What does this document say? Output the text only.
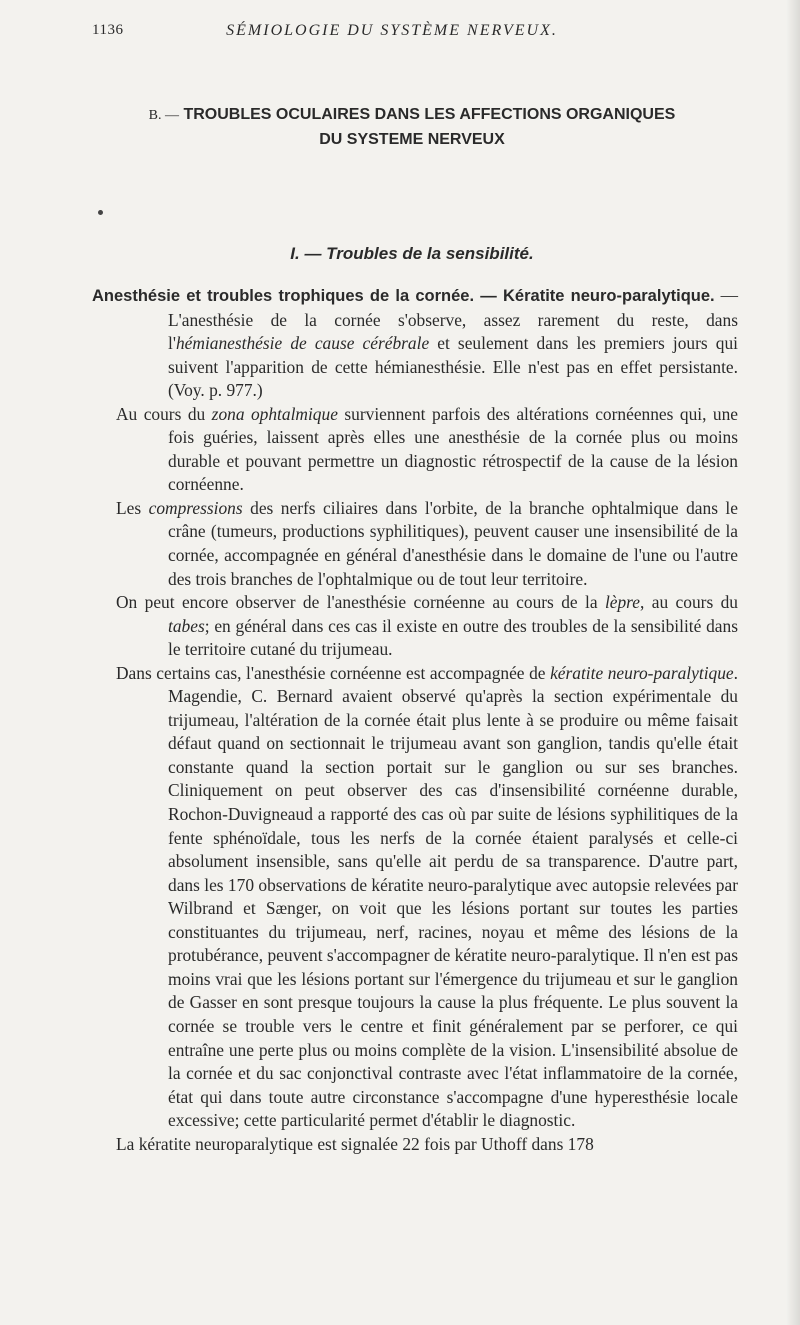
1136	SÉMIOLOGIE DU SYSTÈME NERVEUX.
B. — TROUBLES OCULAIRES DANS LES AFFECTIONS ORGANIQUES
DU SYSTEME NERVEUX
I. — Troubles de la sensibilité.

Anesthésie et troubles trophiques de la cornée. — Kératite neuro-paralytique. — L'anesthésie de la cornée s'observe, assez rarement du reste, dans l'hémianesthésie de cause cérébrale et seulement dans les premiers jours qui suivent l'apparition de cette hémianesthésie. Elle n'est pas en effet persistante. (Voy. p. 977.)

Au cours du zona ophtalmique surviennent parfois des altérations cornéennes qui, une fois guéries, laissent après elles une anesthésie de la cornée plus ou moins durable et pouvant permettre un diagnostic rétrospectif de la cause de la lésion cornéenne.

Les compressions des nerfs ciliaires dans l'orbite, de la branche ophtalmique dans le crâne (tumeurs, productions syphilitiques), peuvent causer une insensibilité de la cornée, accompagnée en général d'anesthésie dans le domaine de l'une ou l'autre des trois branches de l'ophtalmique ou de tout leur territoire.

On peut encore observer de l'anesthésie cornéenne au cours de la lèpre, au cours du tabes; en général dans ces cas il existe en outre des troubles de la sensibilité dans le territoire cutané du trijumeau.

Dans certains cas, l'anesthésie cornéenne est accompagnée de kératite neuro-paralytique. Magendie, C. Bernard avaient observé qu'après la section expérimentale du trijumeau, l'altération de la cornée était plus lente à se produire ou même faisait défaut quand on sectionnait le trijumeau avant son ganglion, tandis qu'elle était constante quand la section portait sur le ganglion ou sur ses branches. Cliniquement on peut observer des cas d'insensibilité cornéenne durable, Rochon-Duvigneaud a rapporté des cas où par suite de lésions syphilitiques de la fente sphénoïdale, tous les nerfs de la cornée étaient paralysés et celle-ci absolument insensible, sans qu'elle ait perdu de sa transparence. D'autre part, dans les 170 observations de kératite neuro-paralytique avec autopsie relevées par Wilbrand et Sænger, on voit que les lésions portant sur toutes les parties constituantes du trijumeau, nerf, racines, noyau et même des lésions de la protubérance, peuvent s'accompagner de kératite neuro-paralytique. Il n'en est pas moins vrai que les lésions portant sur l'émergence du trijumeau et sur le ganglion de Gasser en sont presque toujours la cause la plus fréquente. Le plus souvent la cornée se trouble vers le centre et finit généralement par se perforer, ce qui entraîne une perte plus ou moins complète de la vision. L'insensibilité absolue de la cornée et du sac conjonctival contraste avec l'état inflammatoire de la cornée, état qui dans toute autre circonstance s'accompagne d'une hyperesthésie locale excessive; cette particularité permet d'établir le diagnostic.

La kératite neuroparalytique est signalée 22 fois par Uthoff dans 178
